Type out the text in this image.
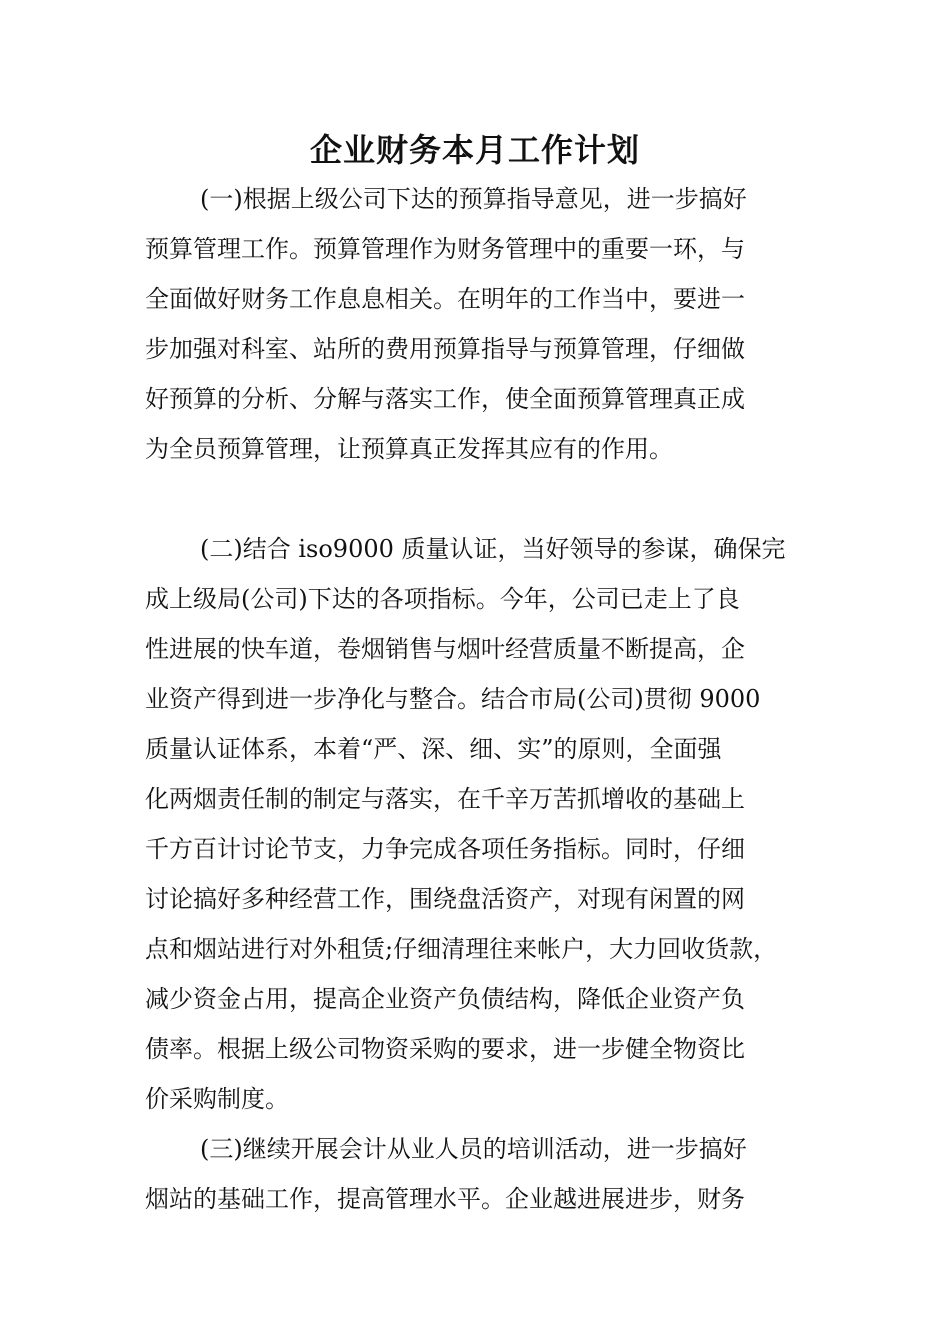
企业财务本月工作计划
(一)根据上级公司下达的预算指导意见，进一步搞好
预算管理工作。预算管理作为财务管理中的重要一环，与
全面做好财务工作息息相关。在明年的工作当中，要进一
步加强对科室、站所的费用预算指导与预算管理，仔细做
好预算的分析、分解与落实工作，使全面预算管理真正成
为全员预算管理，让预算真正发挥其应有的作用。
(二)结合 iso9000 质量认证，当好领导的参谋，确保完
成上级局(公司)下达的各项指标。今年，公司已走上了良
性进展的快车道，卷烟销售与烟叶经营质量不断提高，企
业资产得到进一步净化与整合。结合市局(公司)贯彻 9000
质量认证体系，本着“严、深、细、实”的原则，全面强
化两烟责任制的制定与落实，在千辛万苦抓增收的基础上
千方百计讨论节支，力争完成各项任务指标。同时，仔细
讨论搞好多种经营工作，围绕盘活资产，对现有闲置的网
点和烟站进行对外租赁;仔细清理往来帐户，大力回收货款，
减少资金占用，提高企业资产负债结构，降低企业资产负
债率。根据上级公司物资采购的要求，进一步健全物资比
价采购制度。
(三)继续开展会计从业人员的培训活动，进一步搞好
烟站的基础工作，提高管理水平。企业越进展进步，财务
